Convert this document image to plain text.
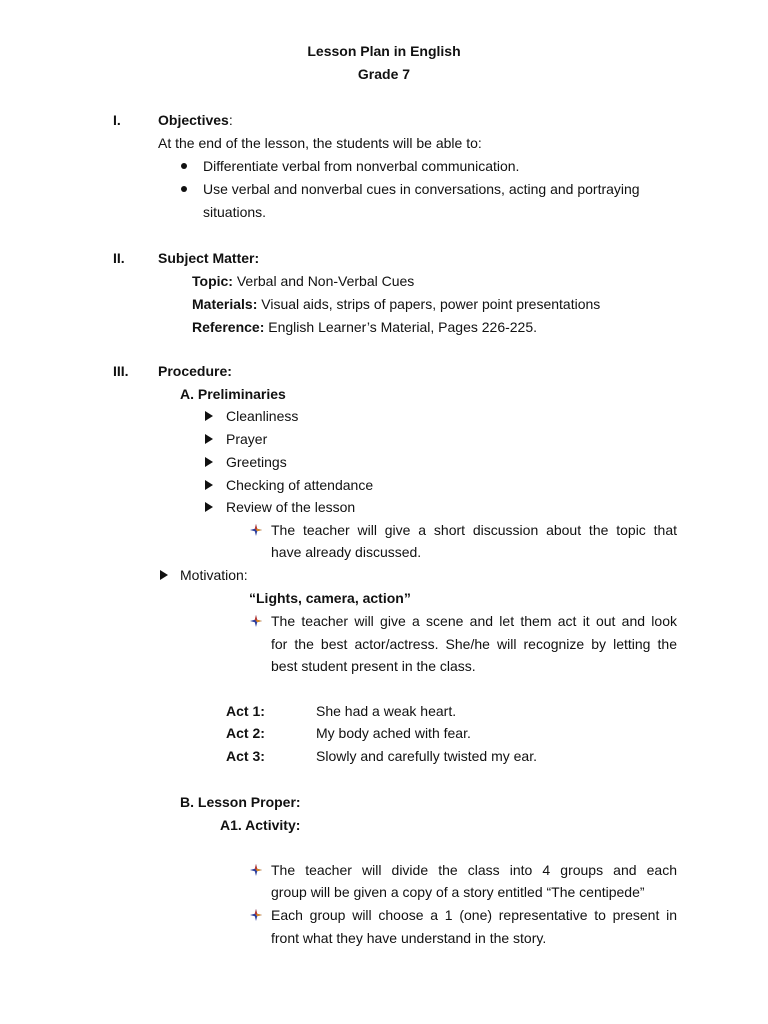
Lesson Plan in English
Grade 7
I.	Objectives:
At the end of the lesson, the students will be able to:
Differentiate verbal from nonverbal communication.
Use verbal and nonverbal cues in conversations, acting and portraying
situations.
II. Subject Matter:
Topic: Verbal and Non-Verbal Cues
Materials: Visual aids, strips of papers, power point presentations
Reference: English Learner’s Material, Pages 226-225.
III. Procedure:
A. Preliminaries
Cleanliness
Prayer
Greetings
Checking of attendance
Review of the lesson
The teacher will give a short discussion about the topic that
have already discussed.
Motivation:
“Lights, camera, action”
The teacher will give a scene and let them act it out and look
for the best actor/actress. She/he will recognize by letting the
best student present in the class.
Act 1:	She had a weak heart.
Act 2:	My body ached with fear.
Act 3:	Slowly and carefully twisted my ear.
B. Lesson Proper:
A1. Activity:
The teacher will divide the class into 4 groups and each
group will be given a copy of a story entitled “The centipede”
Each group will choose a 1 (one) representative to present in
front what they have understand in the story.
